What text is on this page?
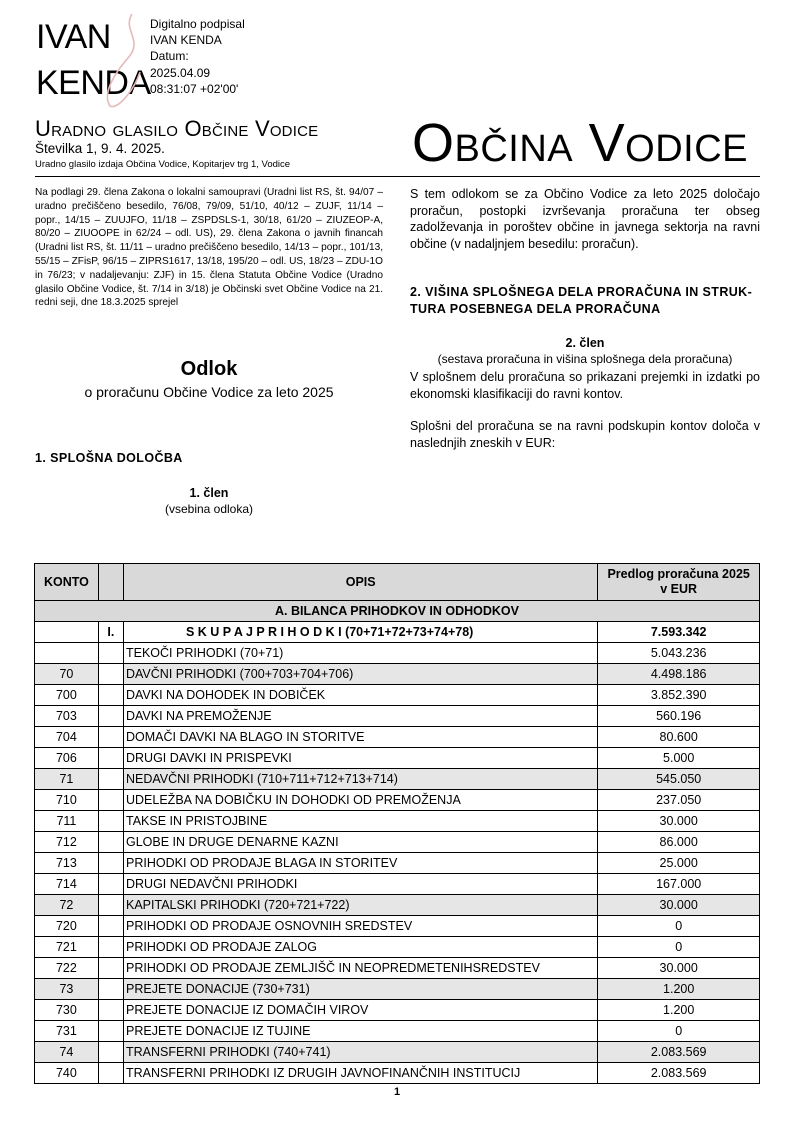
IVAN
KENDA
Digitalno podpisal
IVAN KENDA
Datum:
2025.04.09
08:31:07 +02'00'
Uradno glasilo Občine Vodice
Številka 1, 9. 4. 2025.
Uradno glasilo izdaja Občina Vodice, Kopitarjev trg 1, Vodice Občina Vodice
Na podlagi 29. člena Zakona o lokalni samoupravi (Uradni list RS, št. 94/07 – uradno prečiščeno besedilo, 76/08, 79/09, 51/10, 40/12 – ZUJF, 11/14 – popr., 14/15 – ZUUJFO, 11/18 – ZSPDSLS-1, 30/18, 61/20 – ZIUZEOP-A, 80/20 – ZIUOOPE in 62/24 – odl. US), 29. člena Zakona o javnih financah (Uradni list RS, št. 11/11 – uradno prečiščeno besedilo, 14/13 – popr., 101/13, 55/15 – ZFisP, 96/15 – ZIPRS1617, 13/18, 195/20 – odl. US, 18/23 – ZDU-1O in 76/23; v nadaljevanju: ZJF) in 15. člena Statuta Občine Vodice (Uradno glasilo Občine Vodice, št. 7/14 in 3/18) je Občinski svet Občine Vodice na 21. redni seji, dne 18.3.2025 sprejel
Odlok
o proračunu Občine Vodice za leto 2025
1. SPLOŠNA DOLOČBA
1. člen
(vsebina odloka)
S tem odlokom se za Občino Vodice za leto 2025 določajo proračun, postopki izvrševanja proračuna ter obseg zadolževanja in poroštev občine in javnega sektorja na ravni občine (v nadaljnjem besedilu: proračun).
2. VIŠINA SPLOŠNEGA DELA PRORAČUNA IN STRUK-
TURA POSEBNEGA DELA PRORAČUNA
2. člen
(sestava proračuna in višina splošnega dela proračuna)
V splošnem delu proračuna so prikazani prejemki in izdatki po ekonomski klasifikaciji do ravni kontov.
Splošni del proračuna se na ravni podskupin kontov določa v naslednjih zneskih v EUR:
KONTO		OPIS	Predlog proračuna 2025
v EUR

A. BILANCA PRIHODKOV IN ODHODKOV			
	I.	S K U P A J P R I H O D K I (70+71+72+73+74+78)	7.593.342
		TEKOČI PRIHODKI (70+71)	5.043.236
70		DAVČNI PRIHODKI (700+703+704+706)	4.498.186
700		DAVKI NA DOHODEK IN DOBIČEK	3.852.390
703		DAVKI NA PREMOŽENJE	560.196
704		DOMAČI DAVKI NA BLAGO IN STORITVE	80.600
706		DRUGI DAVKI IN PRISPEVKI	5.000
71		NEDAVČNI PRIHODKI (710+711+712+713+714)	545.050
710		UDELEŽBA NA DOBIČKU IN DOHODKI OD PREMOŽENJA	237.050
711		TAKSE IN PRISTOJBINE	30.000
712		GLOBE IN DRUGE DENARNE KAZNI	86.000
713		PRIHODKI OD PRODAJE BLAGA IN STORITEV	25.000
714		DRUGI NEDAVČNI PRIHODKI	167.000
72		KAPITALSKI PRIHODKI (720+721+722)	30.000
720		PRIHODKI OD PRODAJE OSNOVNIH SREDSTEV	0
721		PRIHODKI OD PRODAJE ZALOG	0
722		PRIHODKI OD PRODAJE ZEMLJIŠČ IN NEOPREDMETENIHSREDSTEV	30.000
73		PREJETE DONACIJE (730+731)	1.200
730		PREJETE DONACIJE IZ DOMAČIH VIROV	1.200
731		PREJETE DONACIJE IZ TUJINE	0
74		TRANSFERNI PRIHODKI (740+741)	2.083.569
740		TRANSFERNI PRIHODKI IZ DRUGIH JAVNOFINANČNIH INSTITUCIJ	2.083.569
1
